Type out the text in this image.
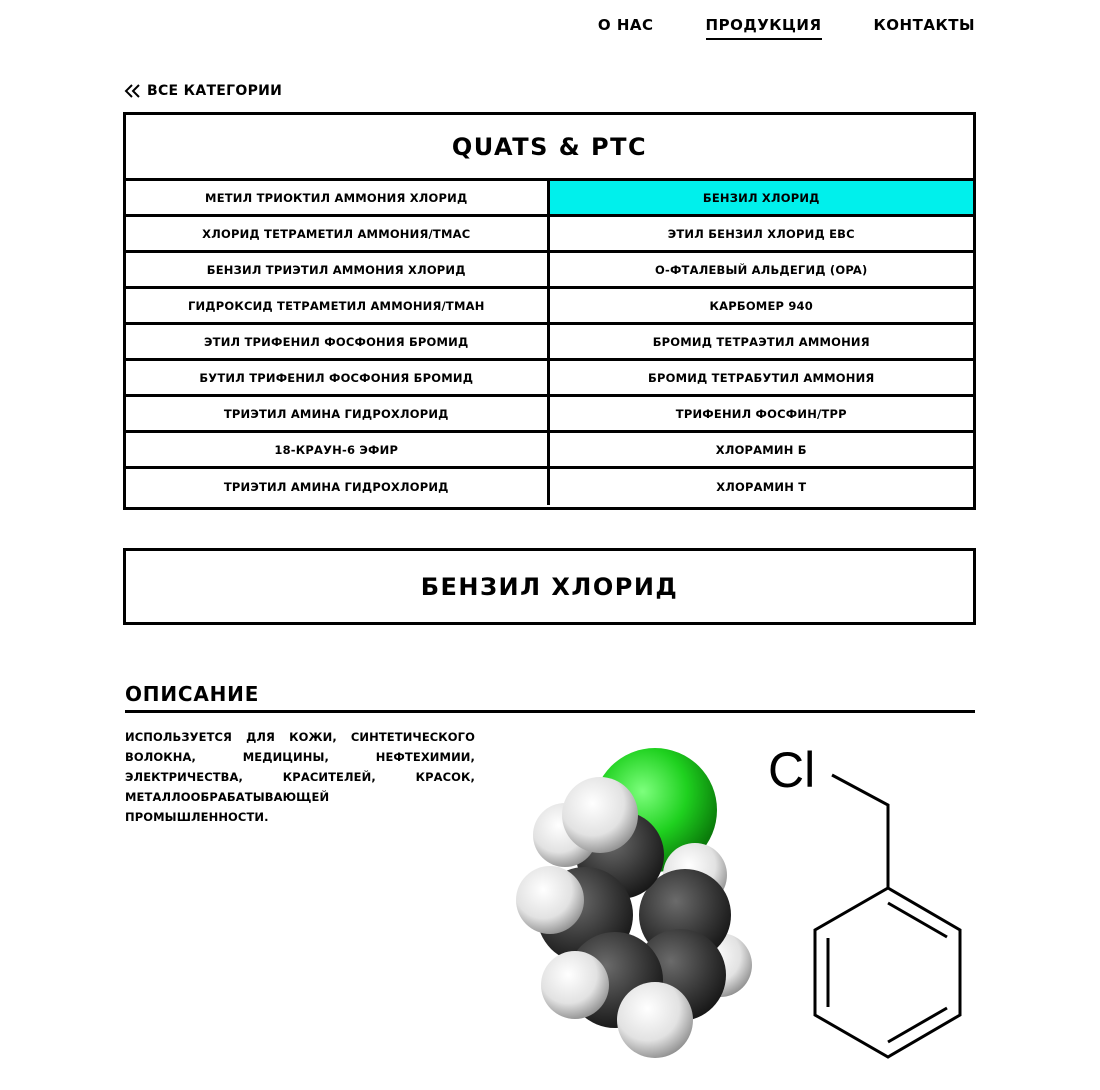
О НАС	ПРОДУКЦИЯ	КОНТАКТЫ
ВСЕ КАТЕГОРИИ
QUATS & PTC
МЕТИЛ ТРИОКТИЛ АММОНИЯ ХЛОРИД	БЕНЗИЛ ХЛОРИД
ХЛОРИД ТЕТРАМЕТИЛ АММОНИЯ/TMAC	ЭТИЛ БЕНЗИЛ ХЛОРИД EBC
БЕНЗИЛ ТРИЭТИЛ АММОНИЯ ХЛОРИД	О-ФТАЛЕВЫЙ АЛЬДЕГИД (OPA)
ГИДРОКСИД ТЕТРАМЕТИЛ АММОНИЯ/TMAH	КАРБОМЕР 940
ЭТИЛ ТРИФЕНИЛ ФОСФОНИЯ БРОМИД	БРОМИД ТЕТРАЭТИЛ АММОНИЯ
БУТИЛ ТРИФЕНИЛ ФОСФОНИЯ БРОМИД	БРОМИД ТЕТРАБУТИЛ АММОНИЯ
ТРИЭТИЛ АМИНА ГИДРОХЛОРИД	ТРИФЕНИЛ ФОСФИН/TPP
18-КРАУН-6 ЭФИР	ХЛОРАМИН Б
ТРИЭТИЛ АМИНА ГИДРОХЛОРИД	ХЛОРАМИН Т
БЕНЗИЛ ХЛОРИД
ОПИСАНИЕ
ИСПОЛЬЗУЕТСЯ ДЛЯ КОЖИ, СИНТЕТИЧЕСКОГО ВОЛОКНА, МЕДИЦИНЫ, НЕФТЕХИМИИ, ЭЛЕКТРИЧЕСТВА, КРАСИТЕЛЕЙ, КРАСОК, МЕТАЛЛООБРАБАТЫВАЮЩЕЙ ПРОМЫШЛЕННОСТИ.
Cl
